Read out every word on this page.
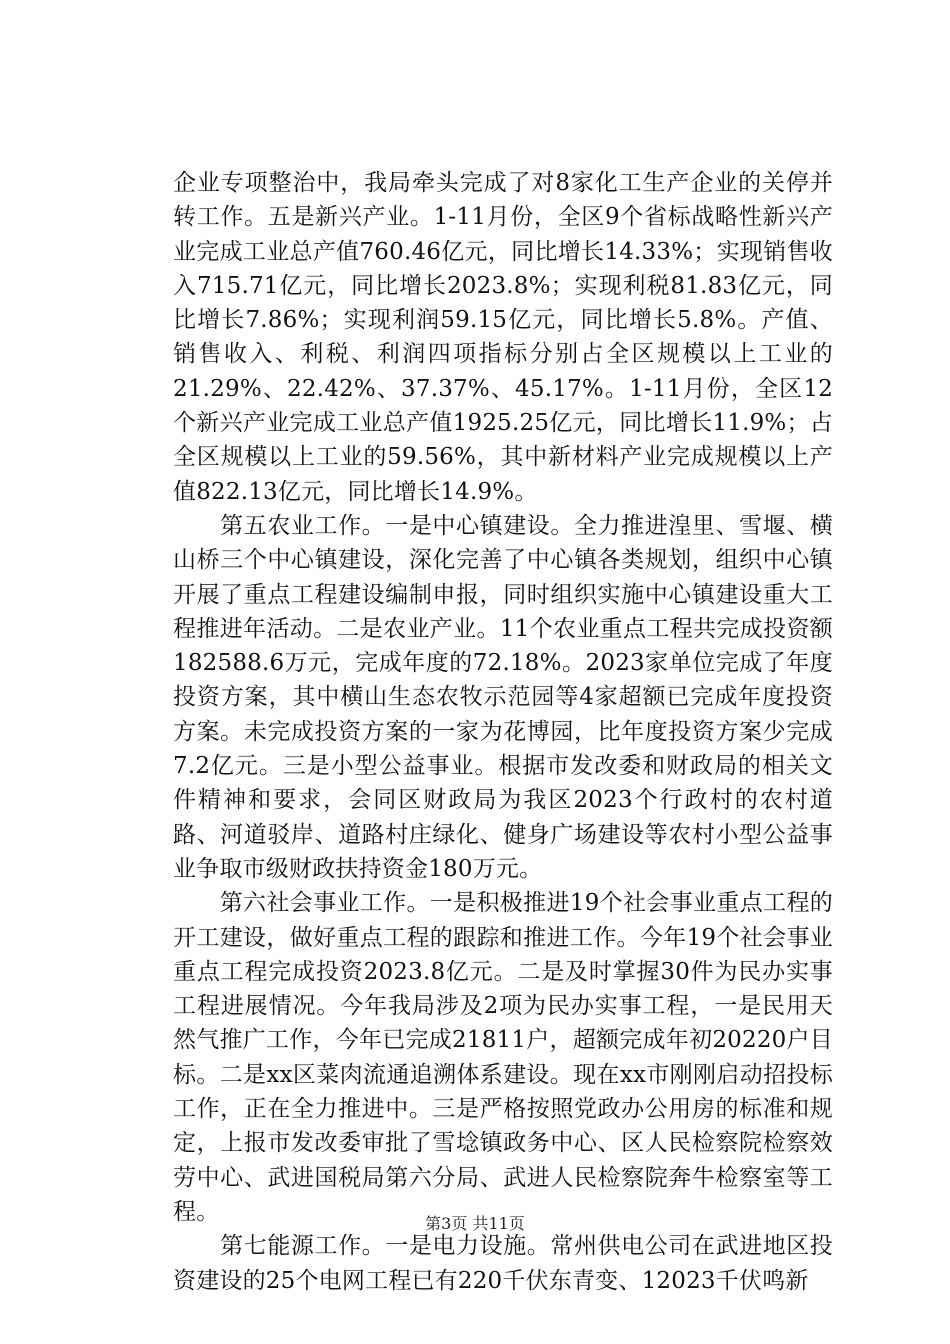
企业专项整治中，我局牵头完成了对8家化工生产企业的关停并转工作。五是新兴产业。1-11月份，全区9个省标战略性新兴产业完成工业总产值760.46亿元，同比增长14.33%；实现销售收入715.71亿元，同比增长2023.8%；实现利税81.83亿元，同比增长7.86%；实现利润59.15亿元，同比增长5.8%。产值、销售收入、利税、利润四项指标分别占全区规模以上工业的21.29%、22.42%、37.37%、45.17%。1-11月份，全区12个新兴产业完成工业总产值1925.25亿元，同比增长11.9%；占全区规模以上工业的59.56%，其中新材料产业完成规模以上产值822.13亿元，同比增长14.9%。

　　第五农业工作。一是中心镇建设。全力推进湟里、雪堰、横山桥三个中心镇建设，深化完善了中心镇各类规划，组织中心镇开展了重点工程建设编制申报，同时组织实施中心镇建设重大工程推进年活动。二是农业产业。11个农业重点工程共完成投资额182588.6万元，完成年度的72.18%。2023家单位完成了年度投资方案，其中横山生态农牧示范园等4家超额已完成年度投资方案。未完成投资方案的一家为花博园，比年度投资方案少完成7.2亿元。三是小型公益事业。根据市发改委和财政局的相关文件精神和要求，会同区财政局为我区2023个行政村的农村道路、河道驳岸、道路村庄绿化、健身广场建设等农村小型公益事业争取市级财政扶持资金180万元。

　　第六社会事业工作。一是积极推进19个社会事业重点工程的开工建设，做好重点工程的跟踪和推进工作。今年19个社会事业重点工程完成投资2023.8亿元。二是及时掌握30件为民办实事工程进展情况。今年我局涉及2项为民办实事工程，一是民用天然气推广工作，今年已完成21811户，超额完成年初20220户目标。二是xx区菜肉流通追溯体系建设。现在xx市刚刚启动招投标工作，正在全力推进中。三是严格按照党政办公用房的标准和规定，上报市发改委审批了雪埝镇政务中心、区人民检察院检察效劳中心、武进国税局第六分局、武进人民检察院奔牛检察室等工程。

　　第七能源工作。一是电力设施。常州供电公司在武进地区投资建设的25个电网工程已有220千伏东青变、12023千伏鸣新

第3页 共11页
